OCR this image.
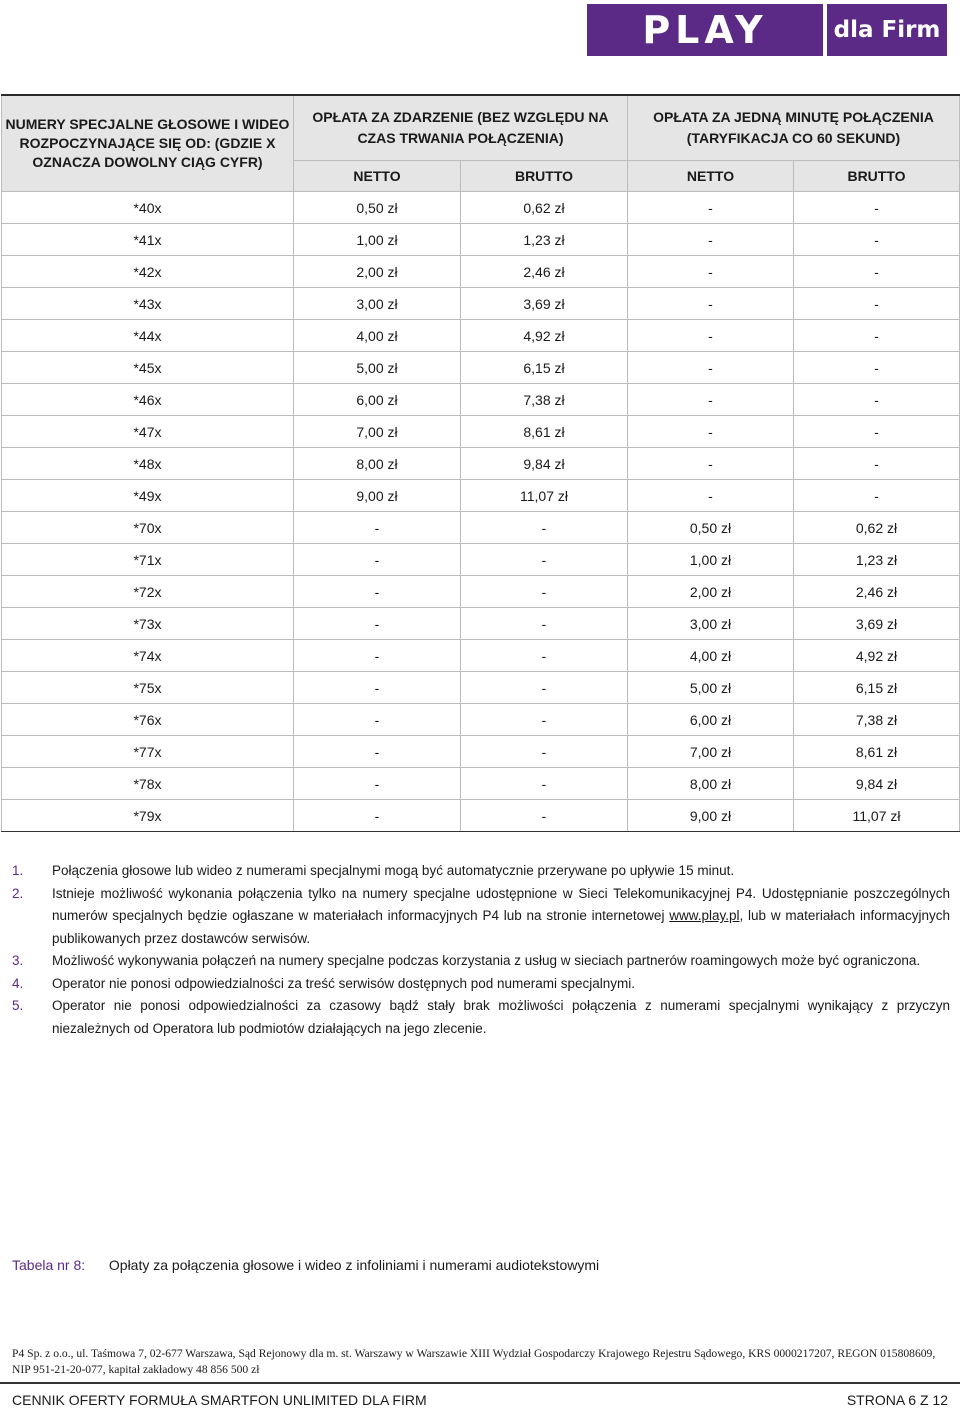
PLAY	dla Firm
NUMERY SPECJALNE GŁOSOWE I WIDEO ROZPOCZYNAJĄCE SIĘ OD: (GDZIE X OZNACZA DOWOLNY CIĄG CYFR)	OPŁATA ZA ZDARZENIE (BEZ WZGLĘDU NA CZAS TRWANIA POŁĄCZENIA)		OPŁATA ZA JEDNĄ MINUTĘ POŁĄCZENIA (TARYFIKACJA CO 60 SEKUND)	
	NETTO	BRUTTO	NETTO	BRUTTO
*40x	0,50 zł	0,62 zł	-	-
*41x	1,00 zł	1,23 zł	-	-
*42x	2,00 zł	2,46 zł	-	-
*43x	3,00 zł	3,69 zł	-	-
*44x	4,00 zł	4,92 zł	-	-
*45x	5,00 zł	6,15 zł	-	-
*46x	6,00 zł	7,38 zł	-	-
*47x	7,00 zł	8,61 zł	-	-
*48x	8,00 zł	9,84 zł	-	-
*49x	9,00 zł	11,07 zł	-	-
*70x	-	-	0,50 zł	0,62 zł
*71x	-	-	1,00 zł	1,23 zł
*72x	-	-	2,00 zł	2,46 zł
*73x	-	-	3,00 zł	3,69 zł
*74x	-	-	4,00 zł	4,92 zł
*75x	-	-	5,00 zł	6,15 zł
*76x	-	-	6,00 zł	7,38 zł
*77x	-	-	7,00 zł	8,61 zł
*78x	-	-	8,00 zł	9,84 zł
*79x	-	-	9,00 zł	11,07 zł
1. Połączenia głosowe lub wideo z numerami specjalnymi mogą być automatycznie przerywane po upływie 15 minut.
2. Istnieje możliwość wykonania połączenia tylko na numery specjalne udostępnione w Sieci Telekomunikacyjnej P4. Udostępnianie poszczególnych numerów specjalnych będzie ogłaszane w materiałach informacyjnych P4 lub na stronie internetowej www.play.pl, lub w materiałach informacyjnych publikowanych przez dostawców serwisów.
3. Możliwość wykonywania połączeń na numery specjalne podczas korzystania z usług w sieciach partnerów roamingowych może być ograniczona.
4. Operator nie ponosi odpowiedzialności za treść serwisów dostępnych pod numerami specjalnymi.
5. Operator nie ponosi odpowiedzialności za czasowy bądź stały brak możliwości połączenia z numerami specjalnymi wynikający z przyczyn niezależnych od Operatora lub podmiotów działających na jego zlecenie.
Tabela nr 8: Opłaty za połączenia głosowe i wideo z infoliniami i numerami audiotekstowymi
P4 Sp. z o.o., ul. Taśmowa 7, 02-677 Warszawa, Sąd Rejonowy dla m. st. Warszawy w Warszawie XIII Wydział Gospodarczy Krajowego Rejestru Sądowego, KRS 0000217207, REGON 015808609, NIP 951-21-20-077, kapitał zakładowy 48 856 500 zł
CENNIK OFERTY FORMUŁA SMARTFON UNLIMITED DLA FIRM	STRONA 6 Z 12
